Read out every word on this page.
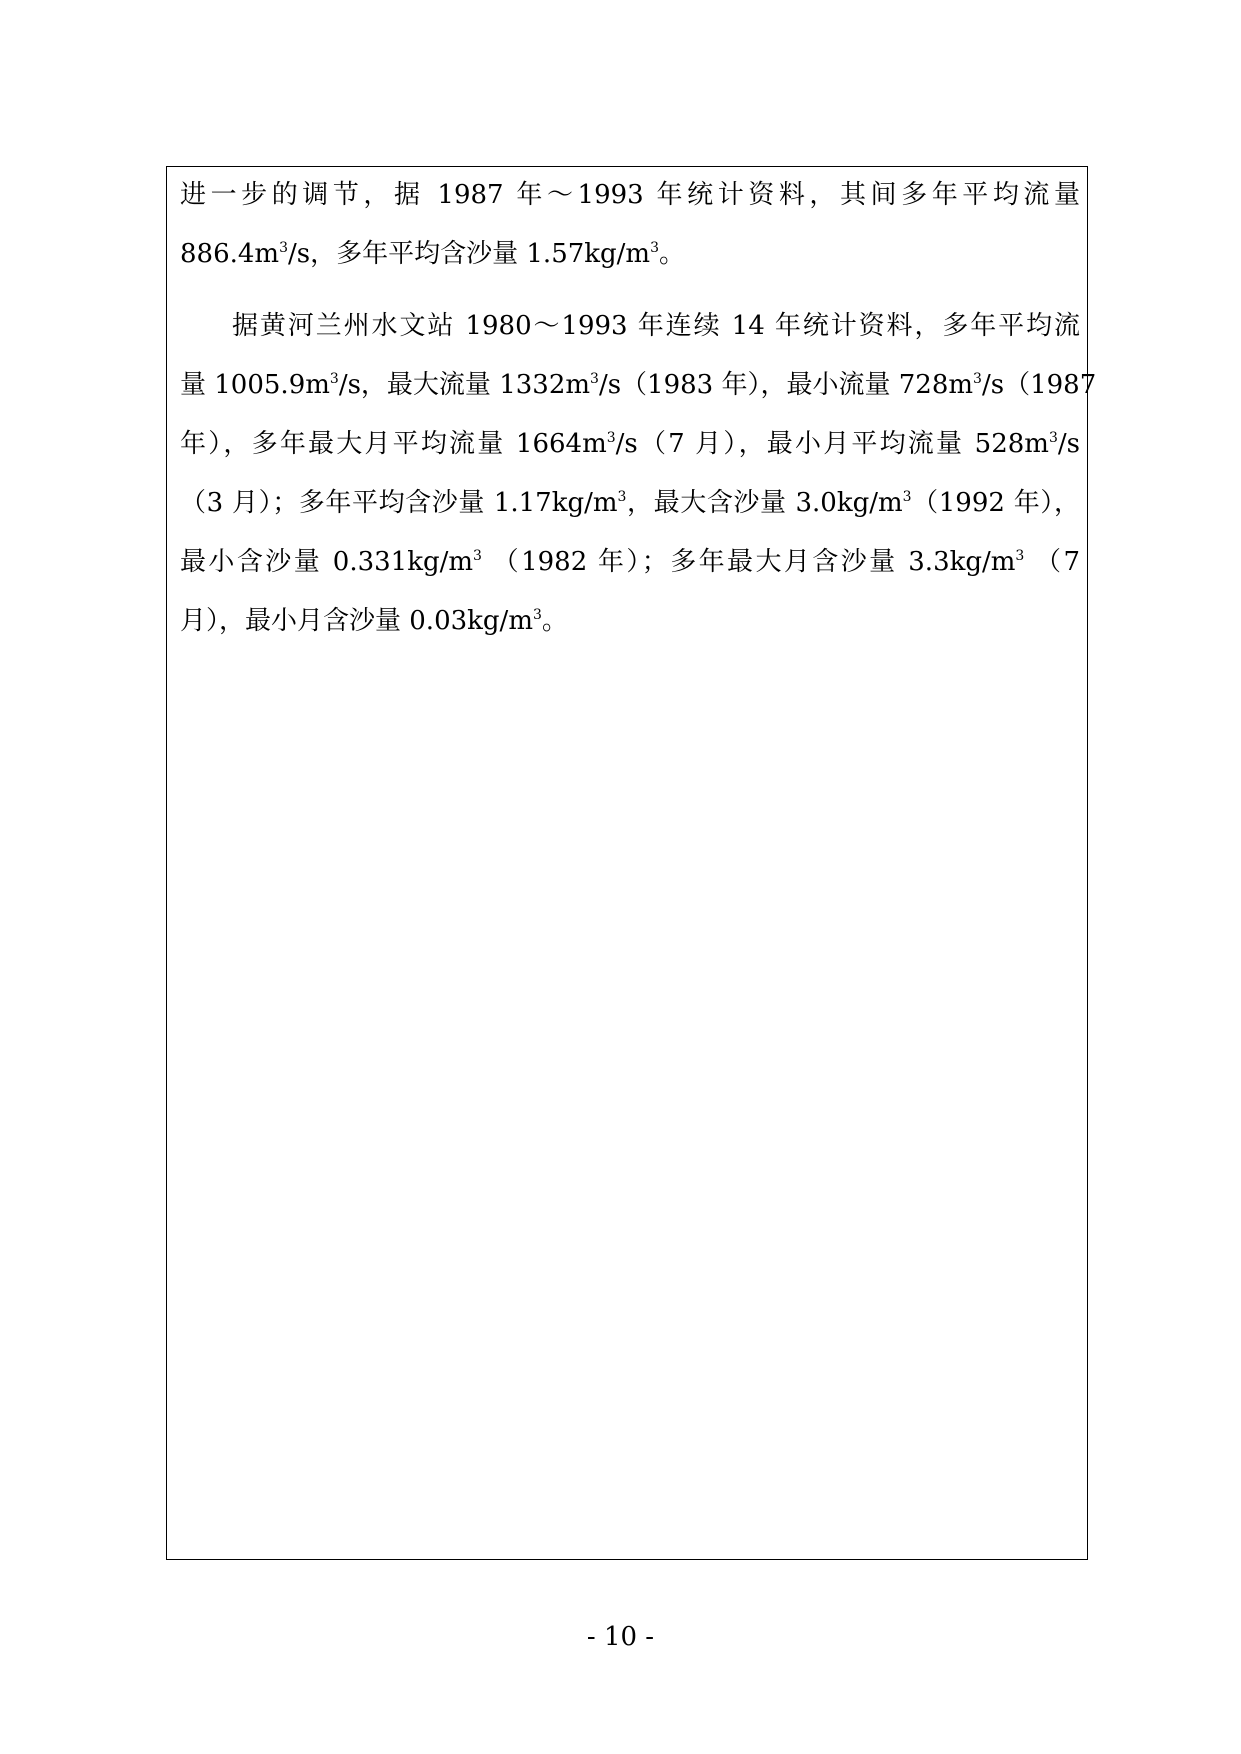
进一步的调节，据 1987 年～1993 年统计资料，其间多年平均流量
$886.4m^3/s$，多年平均含沙量 $1.57kg/m^3$。
据黄河兰州水文站 1980～1993 年连续 14 年统计资料，多年平均流
量 $1005.9m^3/s$，最大流量 $1332m^3/s(1983$ 年），最小流量 $728m^3/s(1987$
年），多年最大月平均流量 $1664m^3/s(7$ 月），最小月平均流量 $528m^3/s$
（3 月）；多年平均含沙量 $1.17kg/m^3$，最大含沙量 $3.0kg/m^3(1992$ 年），
最小含沙量 $0.331kg/m^3$ （1982 年）；多年最大月含沙量 $3.3kg/m^3$ （7
月），最小月含沙量 $0.03kg/m^3$。
- 10 -
